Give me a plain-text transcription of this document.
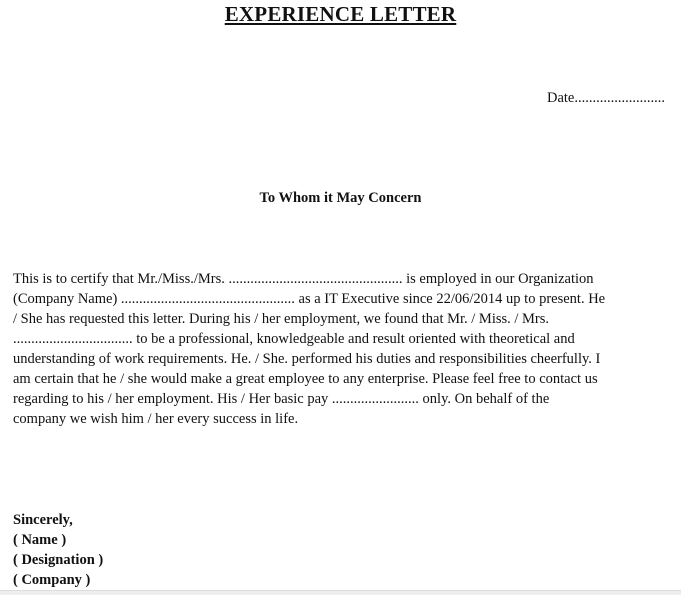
EXPERIENCE LETTER
Date.........................
To Whom it May Concern
This is to certify that Mr./Miss./Mrs. ................................................ is employed in our Organization
(Company Name) ................................................ as a IT Executive since 22/06/2014 up to present. He
/ She has requested this letter. During his / her employment, we found that Mr. / Miss. / Mrs.
................................. to be a professional, knowledgeable and result oriented with theoretical and
understanding of work requirements. He. / She. performed his duties and responsibilities cheerfully. I
am certain that he / she would make a great employee to any enterprise. Please feel free to contact us
regarding to his / her employment. His / Her basic pay ........................ only. On behalf of the
company we wish him / her every success in life.
Sincerely,
( Name )
( Designation )
( Company )
